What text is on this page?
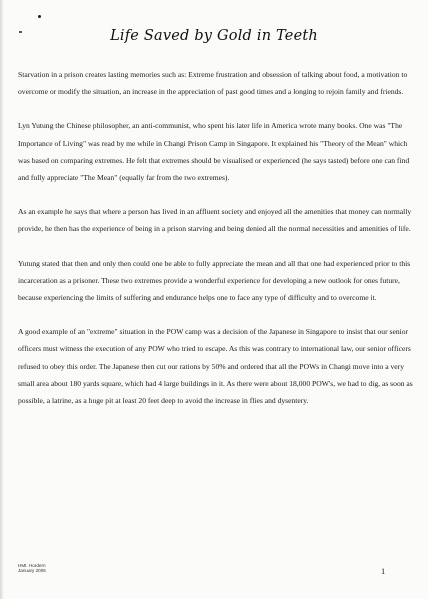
Life Saved by Gold in Teeth

Starvation in a prison creates lasting memories such as: Extreme frustration and obsession of talking about food, a motivation to overcome or modify the situation, an increase in the appreciation of past good times and a longing to rejoin family and friends.

Lyn Yutung the Chinese philosopher, an anti-communist, who spent his later life in America wrote many books. One was "The Importance of Living" was read by me while in Changi Prison Camp in Singapore. It explained his "Theory of the Mean" which was based on comparing extremes. He felt that extremes should be visualised or experienced (he says tasted) before one can find and fully appreciate "The Mean" (equally far from the two extremes).

As an example he says that where a person has lived in an affluent society and enjoyed all the amenities that money can normally provide, he then has the experience of being in a prison starving and being denied all the normal necessities and amenities of life.

Yutung stated that then and only then could one be able to fully appreciate the mean and all that one had experienced prior to this incarceration as a prisoner. These two extremes provide a wonderful experience for developing a new outlook for ones future, because experiencing the limits of suffering and endurance helps one to face any type of difficulty and to overcome it.

A good example of an "extreme" situation in the POW camp was a decision of the Japanese in Singapore to insist that our senior officers must witness the execution of any POW who tried to escape. As this was contrary to international law, our senior officers refused to obey this order. The Japanese then cut our rations by 50% and ordered that all the POWs in Changi move into a very small area about 180 yards square, which had 4 large buildings in it. As there were about 18,000 POW's, we had to dig, as soon as possible, a latrine, as a huge pit at least 20 feet deep to avoid the increase in flies and dysentery.

HMI. Hordern
January 2005	1
